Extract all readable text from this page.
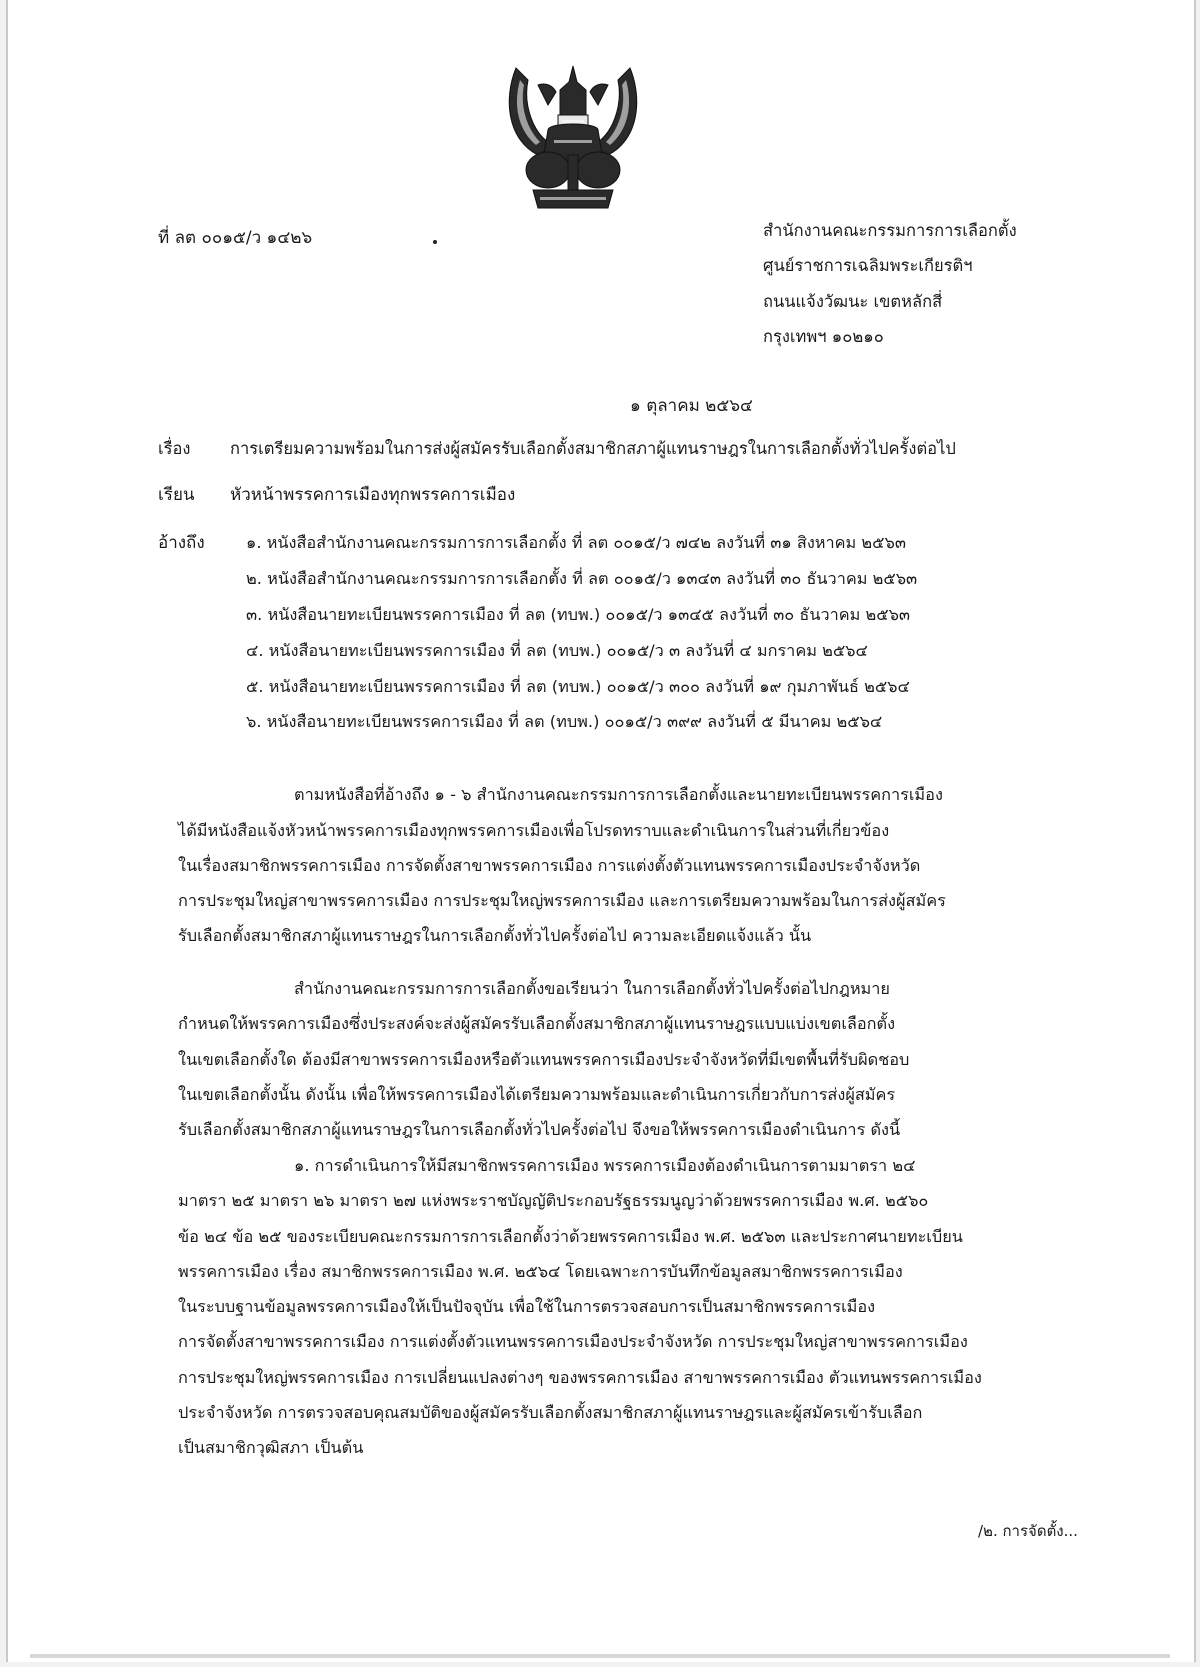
ที่ ลต ๐๐๑๕/ว ๑๔๒๖	สำนักงานคณะกรรมการการเลือกตั้ง
ศูนย์ราชการเฉลิมพระเกียรติฯ
ถนนแจ้งวัฒนะ เขตหลักสี่
กรุงเทพฯ ๑๐๒๑๐
๑ ตุลาคม ๒๕๖๔
เรื่อง การเตรียมความพร้อมในการส่งผู้สมัครรับเลือกตั้งสมาชิกสภาผู้แทนราษฎรในการเลือกตั้งทั่วไปครั้งต่อไป
เรียน หัวหน้าพรรคการเมืองทุกพรรคการเมือง
อ้างถึง	๑. หนังสือสำนักงานคณะกรรมการการเลือกตั้ง ที่ ลต ๐๐๑๕/ว ๗๔๒ ลงวันที่ ๓๑ สิงหาคม ๒๕๖๓
๒. หนังสือสำนักงานคณะกรรมการการเลือกตั้ง ที่ ลต ๐๐๑๕/ว ๑๓๔๓ ลงวันที่ ๓๐ ธันวาคม ๒๕๖๓
๓. หนังสือนายทะเบียนพรรคการเมือง ที่ ลต (ทบพ.) ๐๐๑๕/ว ๑๓๔๕ ลงวันที่ ๓๐ ธันวาคม ๒๕๖๓
๔. หนังสือนายทะเบียนพรรคการเมือง ที่ ลต (ทบพ.) ๐๐๑๕/ว ๓ ลงวันที่ ๔ มกราคม ๒๕๖๔
๕. หนังสือนายทะเบียนพรรคการเมือง ที่ ลต (ทบพ.) ๐๐๑๕/ว ๓๐๐ ลงวันที่ ๑๙ กุมภาพันธ์ ๒๕๖๔
๖. หนังสือนายทะเบียนพรรคการเมือง ที่ ลต (ทบพ.) ๐๐๑๕/ว ๓๙๙ ลงวันที่ ๕ มีนาคม ๒๕๖๔
ตามหนังสือที่อ้างถึง ๑ - ๖ สำนักงานคณะกรรมการการเลือกตั้งและนายทะเบียนพรรคการเมือง
ได้มีหนังสือแจ้งหัวหน้าพรรคการเมืองทุกพรรคการเมืองเพื่อโปรดทราบและดำเนินการในส่วนที่เกี่ยวข้อง
ในเรื่องสมาชิกพรรคการเมือง การจัดตั้งสาขาพรรคการเมือง การแต่งตั้งตัวแทนพรรคการเมืองประจำจังหวัด
การประชุมใหญ่สาขาพรรคการเมือง การประชุมใหญ่พรรคการเมือง และการเตรียมความพร้อมในการส่งผู้สมัคร
รับเลือกตั้งสมาชิกสภาผู้แทนราษฎรในการเลือกตั้งทั่วไปครั้งต่อไป ความละเอียดแจ้งแล้ว นั้น
สำนักงานคณะกรรมการการเลือกตั้งขอเรียนว่า ในการเลือกตั้งทั่วไปครั้งต่อไปกฎหมาย
กำหนดให้พรรคการเมืองซึ่งประสงค์จะส่งผู้สมัครรับเลือกตั้งสมาชิกสภาผู้แทนราษฎรแบบแบ่งเขตเลือกตั้ง
ในเขตเลือกตั้งใด ต้องมีสาขาพรรคการเมืองหรือตัวแทนพรรคการเมืองประจำจังหวัดที่มีเขตพื้นที่รับผิดชอบ
ในเขตเลือกตั้งนั้น ดังนั้น เพื่อให้พรรคการเมืองได้เตรียมความพร้อมและดำเนินการเกี่ยวกับการส่งผู้สมัคร
รับเลือกตั้งสมาชิกสภาผู้แทนราษฎรในการเลือกตั้งทั่วไปครั้งต่อไป จึงขอให้พรรคการเมืองดำเนินการ ดังนี้
๑. การดำเนินการให้มีสมาชิกพรรคการเมือง พรรคการเมืองต้องดำเนินการตามมาตรา ๒๔
มาตรา ๒๕ มาตรา ๒๖ มาตรา ๒๗ แห่งพระราชบัญญัติประกอบรัฐธรรมนูญว่าด้วยพรรคการเมือง พ.ศ. ๒๕๖๐
ข้อ ๒๔ ข้อ ๒๕ ของระเบียบคณะกรรมการการเลือกตั้งว่าด้วยพรรคการเมือง พ.ศ. ๒๕๖๓ และประกาศนายทะเบียน
พรรคการเมือง เรื่อง สมาชิกพรรคการเมือง พ.ศ. ๒๕๖๔ โดยเฉพาะการบันทึกข้อมูลสมาชิกพรรคการเมือง
ในระบบฐานข้อมูลพรรคการเมืองให้เป็นปัจจุบัน เพื่อใช้ในการตรวจสอบการเป็นสมาชิกพรรคการเมือง
การจัดตั้งสาขาพรรคการเมือง การแต่งตั้งตัวแทนพรรคการเมืองประจำจังหวัด การประชุมใหญ่สาขาพรรคการเมือง
การประชุมใหญ่พรรคการเมือง การเปลี่ยนแปลงต่างๆ ของพรรคการเมือง สาขาพรรคการเมือง ตัวแทนพรรคการเมือง
ประจำจังหวัด การตรวจสอบคุณสมบัติของผู้สมัครรับเลือกตั้งสมาชิกสภาผู้แทนราษฎรและผู้สมัครเข้ารับเลือก
เป็นสมาชิกวุฒิสภา เป็นต้น
/๒. การจัดตั้ง...
